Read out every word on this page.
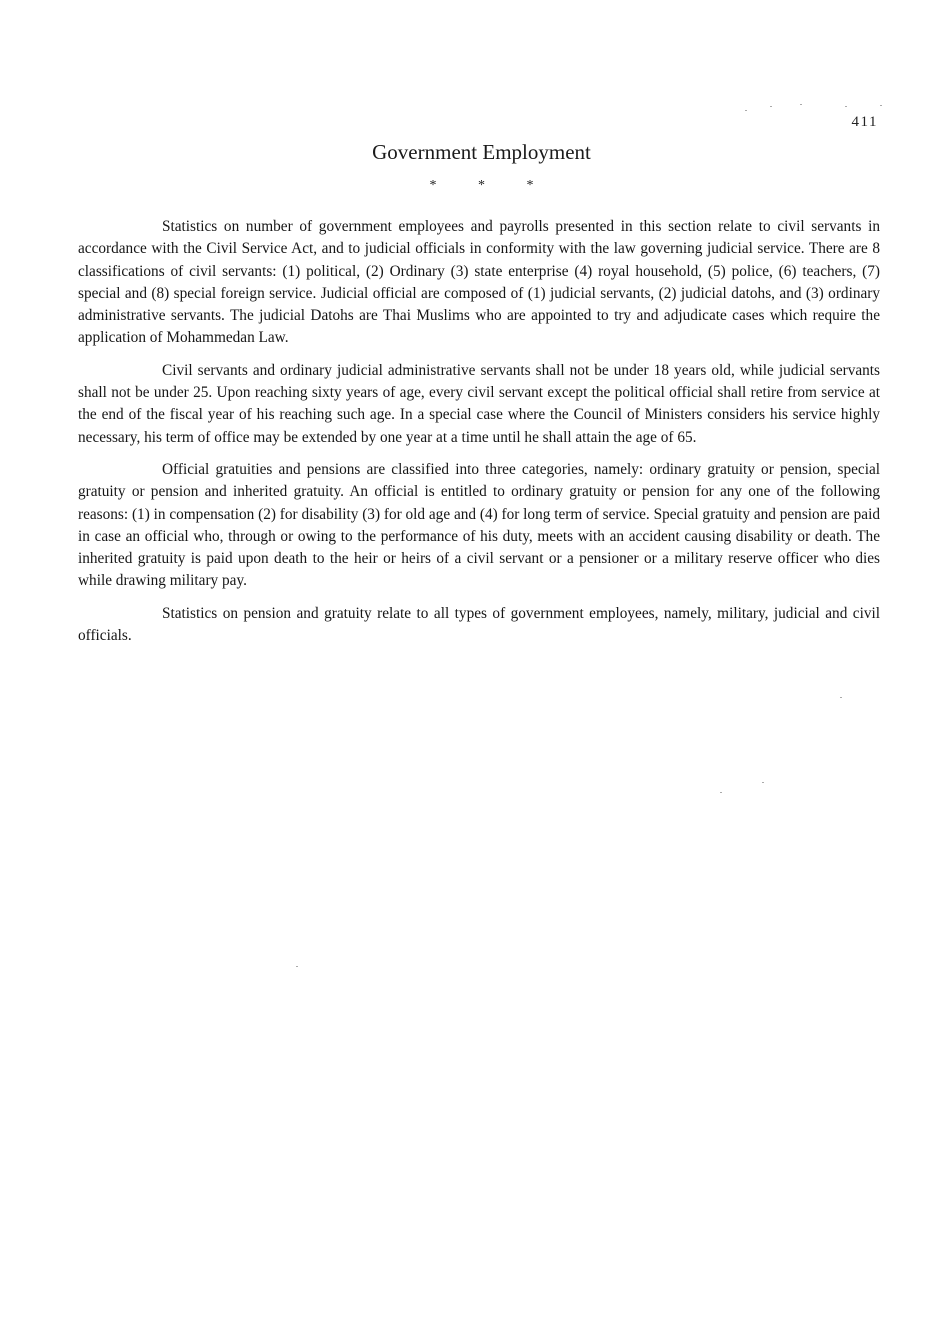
411
Government Employment
* * *

Statistics on number of government employees and payrolls presented in this section relate to civil servants in accordance with the Civil Service Act, and to judicial officials in conformity with the law governing judicial service. There are 8 classifications of civil servants: (1) political, (2) Ordinary (3) state enterprise (4) royal household, (5) police, (6) teachers, (7) special and (8) special foreign service. Judicial official are composed of (1) judicial servants, (2) judicial datohs, and (3) ordinary administrative servants. The judicial Datohs are Thai Muslims who are appointed to try and adjudicate cases which require the application of Mohammedan Law.

Civil servants and ordinary judicial administrative servants shall not be under 18 years old, while judicial servants shall not be under 25. Upon reaching sixty years of age, every civil servant except the political official shall retire from service at the end of the fiscal year of his reaching such age. In a special case where the Council of Ministers considers his service highly necessary, his term of office may be extended by one year at a time until he shall attain the age of 65.

Official gratuities and pensions are classified into three categories, namely: ordinary gratuity or pension, special gratuity or pension and inherited gratuity. An official is entitled to ordinary gratuity or pension for any one of the following reasons: (1) in compensation (2) for disability (3) for old age and (4) for long term of service. Special gratuity and pension are paid in case an official who, through or owing to the performance of his duty, meets with an accident causing disability or death. The inherited gratuity is paid upon death to the heir or heirs of a civil servant or a pensioner or a military reserve officer who dies while drawing military pay.

Statistics on pension and gratuity relate to all types of government employees, namely, military, judicial and civil officials.
